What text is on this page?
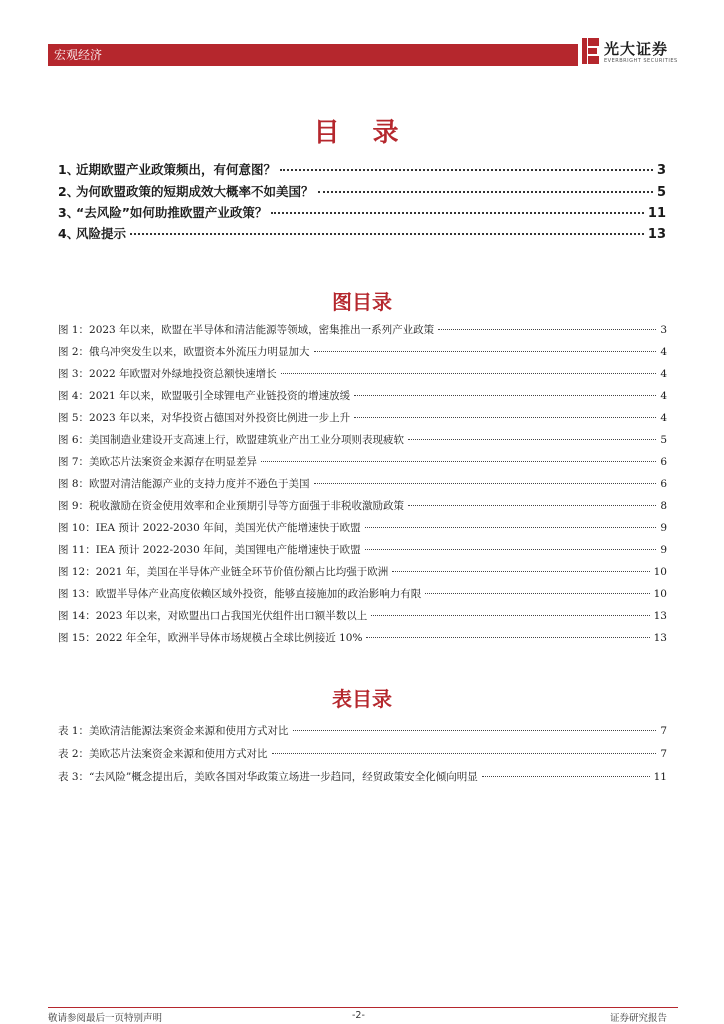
宏观经济	光大证券
EVERBRIGHT SECURITIES
目 录
1、
近期欧盟产业政策频出，有何意图？	3
2、
为何欧盟政策的短期成效大概率不如美国？	5
3、
“去风险”如何助推欧盟产业政策？	11
4、
风险提示	13
图目录
图 1：2023 年以来，欧盟在半导体和清洁能源等领域，密集推出一系列产业政策	3
图 2：俄乌冲突发生以来，欧盟资本外流压力明显加大	4
图 3：2022 年欧盟对外绿地投资总额快速增长	4
图 4：2021 年以来，欧盟吸引全球锂电产业链投资的增速放缓	4
图 5：2023 年以来，对华投资占德国对外投资比例进一步上升	4
图 6：美国制造业建设开支高速上行，欧盟建筑业产出工业分项则表现疲软	5
图 7：美欧芯片法案资金来源存在明显差异	6
图 8：欧盟对清洁能源产业的支持力度并不逊色于美国	6
图 9：税收激励在资金使用效率和企业预期引导等方面强于非税收激励政策	8
图 10：IEA 预计 2022-2030 年间，美国光伏产能增速快于欧盟	9
图 11：IEA 预计 2022-2030 年间，美国锂电产能增速快于欧盟	9
图 12：2021 年，美国在半导体产业链全环节价值份额占比均强于欧洲	10
图 13：欧盟半导体产业高度依赖区域外投资，能够直接施加的政治影响力有限	10
图 14：2023 年以来，对欧盟出口占我国光伏组件出口额半数以上	13
图 15：2022 年全年，欧洲半导体市场规模占全球比例接近 10%	13
表目录
表 1：美欧清洁能源法案资金来源和使用方式对比	7
表 2：美欧芯片法案资金来源和使用方式对比	7
表 3：“去风险”概念提出后，美欧各国对华政策立场进一步趋同，经贸政策安全化倾向明显	11
敬请参阅最后一页特别声明	-2-	证券研究报告
